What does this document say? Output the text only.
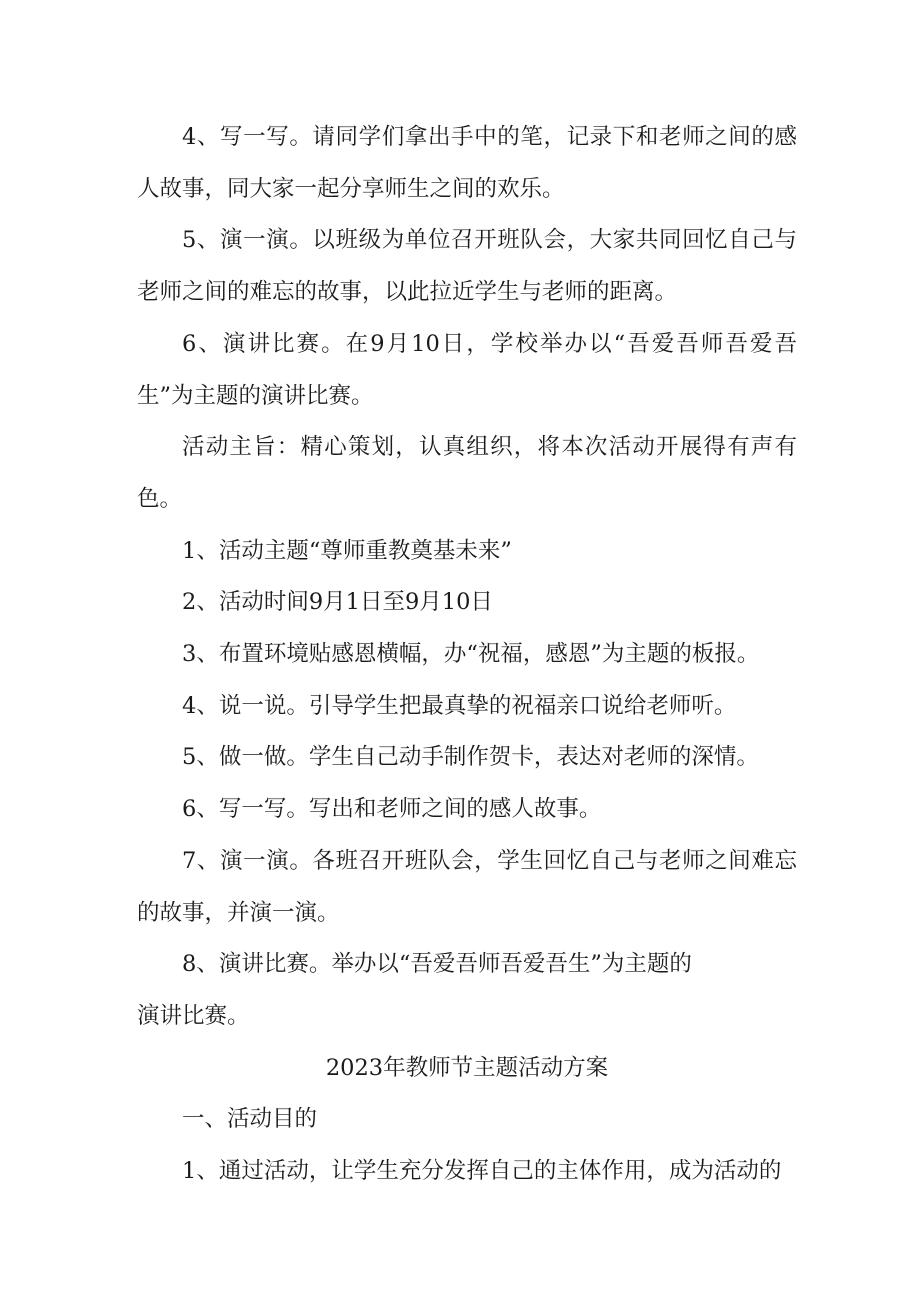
4、写一写。请同学们拿出手中的笔，记录下和老师之间的感人故事，同大家一起分享师生之间的欢乐。

5、演一演。以班级为单位召开班队会，大家共同回忆自己与老师之间的难忘的故事，以此拉近学生与老师的距离。

6、演讲比赛。在9月10日，学校举办以“吾爱吾师吾爱吾生”为主题的演讲比赛。

活动主旨：精心策划，认真组织，将本次活动开展得有声有色。

1、活动主题“尊师重教奠基未来”

2、活动时间9月1日至9月10日

3、布置环境贴感恩横幅，办“祝福，感恩”为主题的板报。

4、说一说。引导学生把最真挚的祝福亲口说给老师听。

5、做一做。学生自己动手制作贺卡，表达对老师的深情。

6、写一写。写出和老师之间的感人故事。

7、演一演。各班召开班队会，学生回忆自己与老师之间难忘的故事，并演一演。

8、演讲比赛。举办以“吾爱吾师吾爱吾生”为主题的

演讲比赛。

2023年教师节主题活动方案

一、活动目的

1、通过活动，让学生充分发挥自己的主体作用，成为活动的
